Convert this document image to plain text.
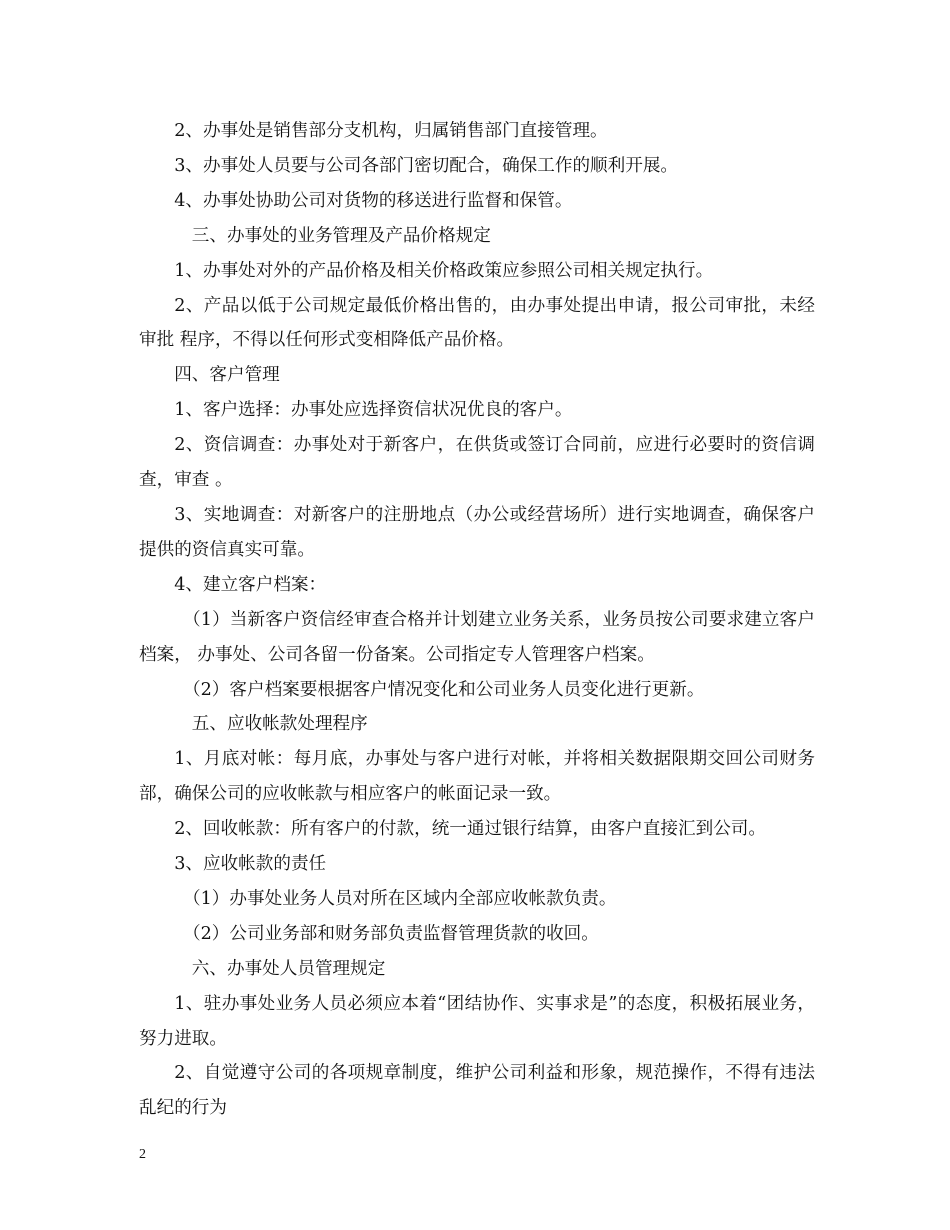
2、办事处是销售部分支机构，归属销售部门直接管理。

3、办事处人员要与公司各部门密切配合，确保工作的顺利开展。

4、办事处协助公司对货物的移送进行监督和保管。

三、办事处的业务管理及产品价格规定

1、办事处对外的产品价格及相关价格政策应参照公司相关规定执行。

2、产品以低于公司规定最低价格出售的，由办事处提出申请，报公司审批，未经审批 程序，不得以任何形式变相降低产品价格。

四、客户管理

1、客户选择：办事处应选择资信状况优良的客户。

2、资信调查：办事处对于新客户，在供货或签订合同前，应进行必要时的资信调查，审查 。

3、实地调查：对新客户的注册地点（办公或经营场所）进行实地调查，确保客户提供的资信真实可靠。

4、建立客户档案：

（1）当新客户资信经审查合格并计划建立业务关系，业务员按公司要求建立客户档案， 办事处、公司各留一份备案。公司指定专人管理客户档案。

（2）客户档案要根据客户情况变化和公司业务人员变化进行更新。

五、应收帐款处理程序

1、月底对帐：每月底，办事处与客户进行对帐，并将相关数据限期交回公司财务部，确保公司的应收帐款与相应客户的帐面记录一致。

2、回收帐款：所有客户的付款，统一通过银行结算，由客户直接汇到公司。

3、应收帐款的责任

（1）办事处业务人员对所在区域内全部应收帐款负责。

（2）公司业务部和财务部负责监督管理货款的收回。

六、办事处人员管理规定

1、驻办事处业务人员必须应本着“团结协作、实事求是”的态度，积极拓展业务，努力进取。

2、自觉遵守公司的各项规章制度，维护公司利益和形象，规范操作，不得有违法乱纪的行为

2
